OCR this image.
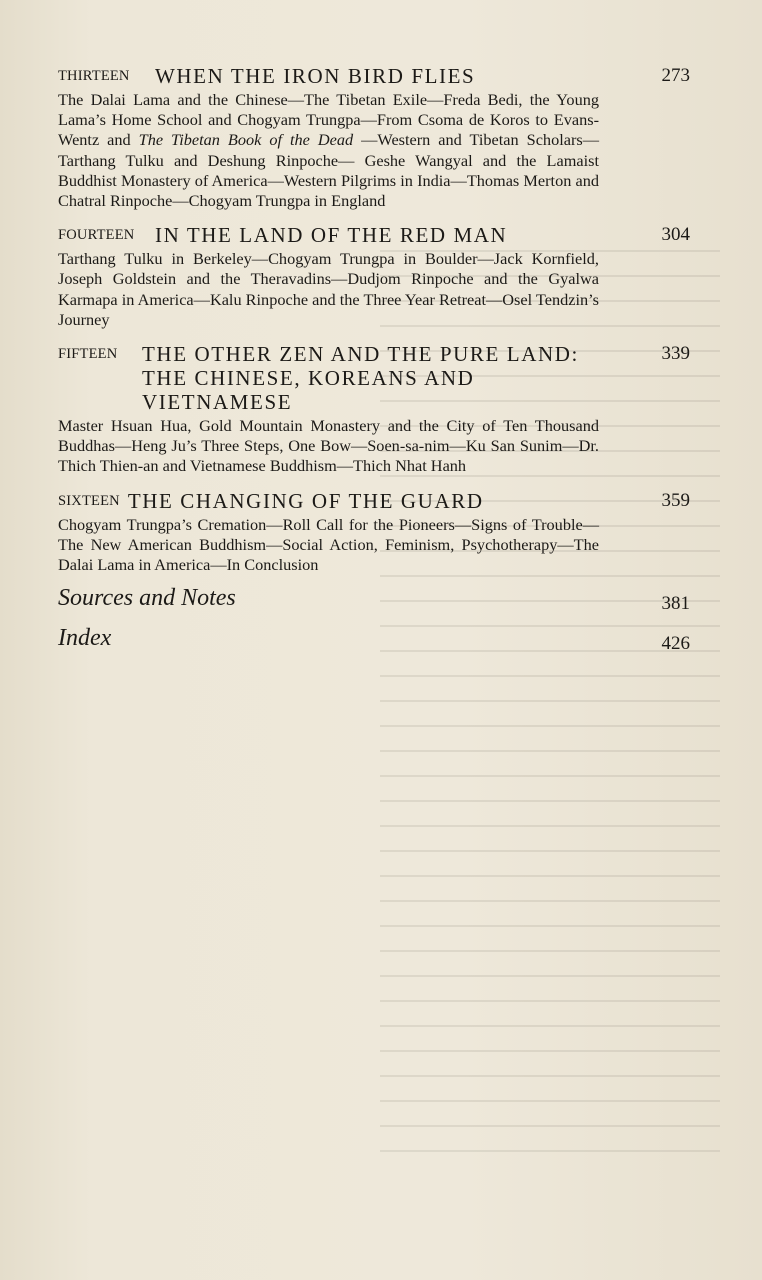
THIRTEEN WHEN THE IRON BIRD FLIES	273

The Dalai Lama and the Chinese—The Tibetan Exile—Freda Bedi, the Young Lama’s Home School and Chogyam Trungpa—From Csoma de Koros to Evans-Wentz and The Tibetan Book of the Dead —Western and Tibetan Scholars—Tarthang Tulku and Deshung Rinpoche— Geshe Wangyal and the Lamaist Buddhist Monastery of America—Western Pilgrims in India—Thomas Merton and Chatral Rinpoche—Chogyam Trungpa in England

FOURTEEN IN THE LAND OF THE RED MAN	304

Tarthang Tulku in Berkeley—Chogyam Trungpa in Boulder—Jack Kornfield, Joseph Goldstein and the Theravadins—Dudjom Rinpoche and the Gyalwa Karmapa in America—Kalu Rinpoche and the Three Year Retreat—Osel Tendzin’s Journey

FIFTEEN THE OTHER ZEN AND THE PURE LAND: THE CHINESE, KOREANS AND VIETNAMESE
339

Master Hsuan Hua, Gold Mountain Monastery and the City of Ten Thousand Buddhas—Heng Ju’s Three Steps, One Bow—Soen-sa-nim—Ku San Sunim—Dr. Thich Thien-an and Vietnamese Buddhism—Thich Nhat Hanh

SIXTEEN THE CHANGING OF THE GUARD	359

Chogyam Trungpa’s Cremation—Roll Call for the Pioneers—Signs of Trouble—The New American Buddhism—Social Action, Feminism, Psychotherapy—The Dalai Lama in America—In Conclusion

Sources and Notes	381
Index	426
